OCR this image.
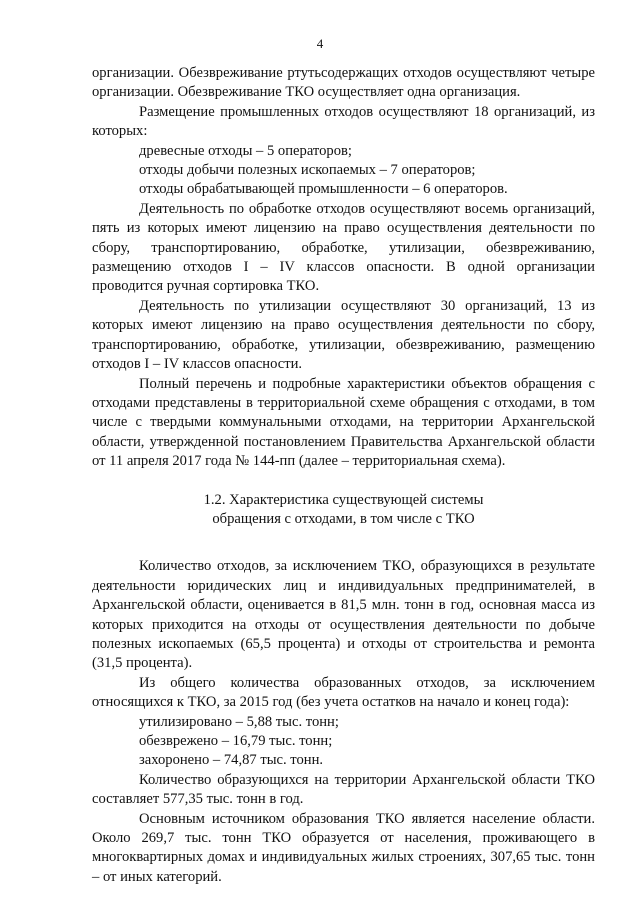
4

организации. Обезвреживание ртутьсодержащих отходов осуществляют четыре организации. Обезвреживание ТКО осуществляет одна организация.

Размещение промышленных отходов осуществляют 18 организаций, из которых:

древесные отходы – 5 операторов;

отходы добычи полезных ископаемых – 7 операторов;

отходы обрабатывающей промышленности – 6 операторов.

Деятельность по обработке отходов осуществляют восемь организаций, пять из которых имеют лицензию на право осуществления деятельности по сбору, транспортированию, обработке, утилизации, обезвреживанию, размещению отходов I – IV классов опасности. В одной организации проводится ручная сортировка ТКО.

Деятельность по утилизации осуществляют 30 организаций, 13 из которых имеют лицензию на право осуществления деятельности по сбору, транспортированию, обработке, утилизации, обезвреживанию, размещению отходов I – IV классов опасности.

Полный перечень и подробные характеристики объектов обращения с отходами представлены в территориальной схеме обращения с отходами, в том числе с твердыми коммунальными отходами, на территории Архангельской области, утвержденной постановлением Правительства Архангельской области от 11 апреля 2017 года № 144-пп (далее – территориальная схема).

1.2. Характеристика существующей системы

обращения с отходами, в том числе с ТКО

Количество отходов, за исключением ТКО, образующихся в результате деятельности юридических лиц и индивидуальных предпринимателей, в Архангельской области, оценивается в 81,5 млн. тонн в год, основная масса из которых приходится на отходы от осуществления деятельности по добыче полезных ископаемых (65,5 процента) и отходы от строительства и ремонта (31,5 процента).

Из общего количества образованных отходов, за исключением относящихся к ТКО, за 2015 год (без учета остатков на начало и конец года):

утилизировано – 5,88 тыс. тонн;

обезврежено – 16,79 тыс. тонн;

захоронено – 74,87 тыс. тонн.

Количество образующихся на территории Архангельской области ТКО составляет 577,35 тыс. тонн в год.

Основным источником образования ТКО является население области. Около 269,7 тыс. тонн ТКО образуется от населения, проживающего в многоквартирных домах и индивидуальных жилых строениях, 307,65 тыс. тонн – от иных категорий.
